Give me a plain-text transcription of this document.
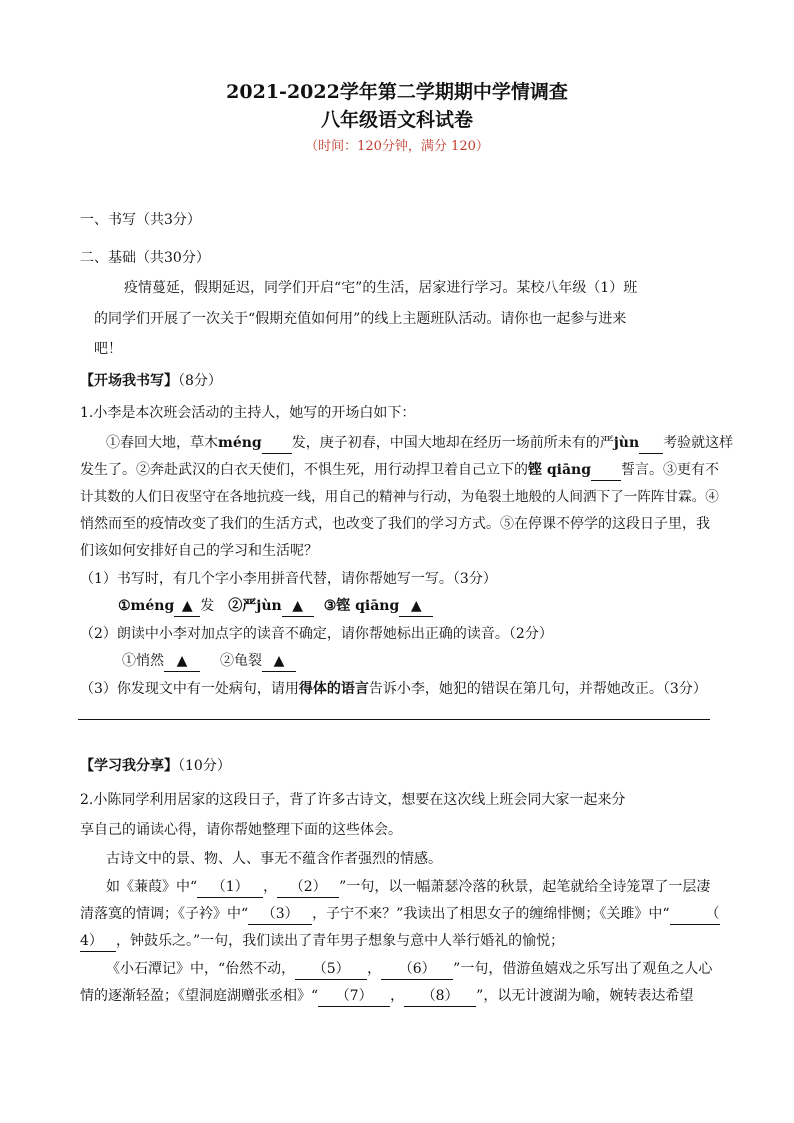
2021-2022学年第二学期期中学情调查
八年级语文科试卷
（时间：120分钟，满分 120）
一、书写（共3分）
二、基础（共30分）
疫情蔓延，假期延迟，同学们开启“宅”的生活，居家进行学习。某校八年级（1）班
的同学们开展了一次关于“假期充值如何用”的线上主题班队活动。请你也一起参与进来
吧！
【开场我书写】（8分）
1.小李是本次班会活动的主持人，她写的开场白如下：
①春回大地，草木méng 发，庚子初春，中国大地却在经历一场前所未有的严jùn 考验就这样
发生了。②奔赴武汉的白衣天使们，不惧生死，用行动捍卫着自己立下的铿 qiāng 誓言。③更有不
计其数的人们日夜坚守在各地抗疫一线，用自己的精神与行动，为龟裂土地般的人间洒下了一阵阵甘霖。④
悄然而至的疫情改变了我们的生活方式，也改变了我们的学习方式。⑤在停课不停学的这段日子里，我
们该如何安排好自己的学习和生活呢？
（1）书写时，有几个字小李用拼音代替，请你帮她写一写。（3分）
①méng ▲ 发 ②严jùn ▲ ③铿 qiāng ▲
（2）朗读中小李对加点字的读音不确定，请你帮她标出正确的读音。（2分）
①悄然 ▲ ②龟裂 ▲
（3）你发现文中有一处病句，请用得体的语言告诉小李，她犯的错误在第几句，并帮她改正。（3分）
【学习我分享】（10分）
2.小陈同学利用居家的这段日子，背了许多古诗文，想要在这次线上班会同大家一起来分
享自己的诵读心得，请你帮她整理下面的这些体会。
古诗文中的景、物、人、事无不蕴含作者强烈的情感。
如《蒹葭》中“ （1） ， （2） ”一句，以一幅萧瑟冷落的秋景，起笔就给全诗笼罩了一层凄
清落寞的情调；《子衿》中“ （3） ，子宁不来？”我读出了相思女子的缠绵悱恻；《关雎》中“	（
4） ，钟鼓乐之。”一句，我们读出了青年男子想象与意中人举行婚礼的愉悦；
《小石潭记》中，“佁然不动， （5） ， （6） ”一句，借游鱼嬉戏之乐写出了观鱼之人心
情的逐渐轻盈；《望洞庭湖赠张丞相》“ （7） ， （8） ”，以无计渡湖为喻，婉转表达希望
